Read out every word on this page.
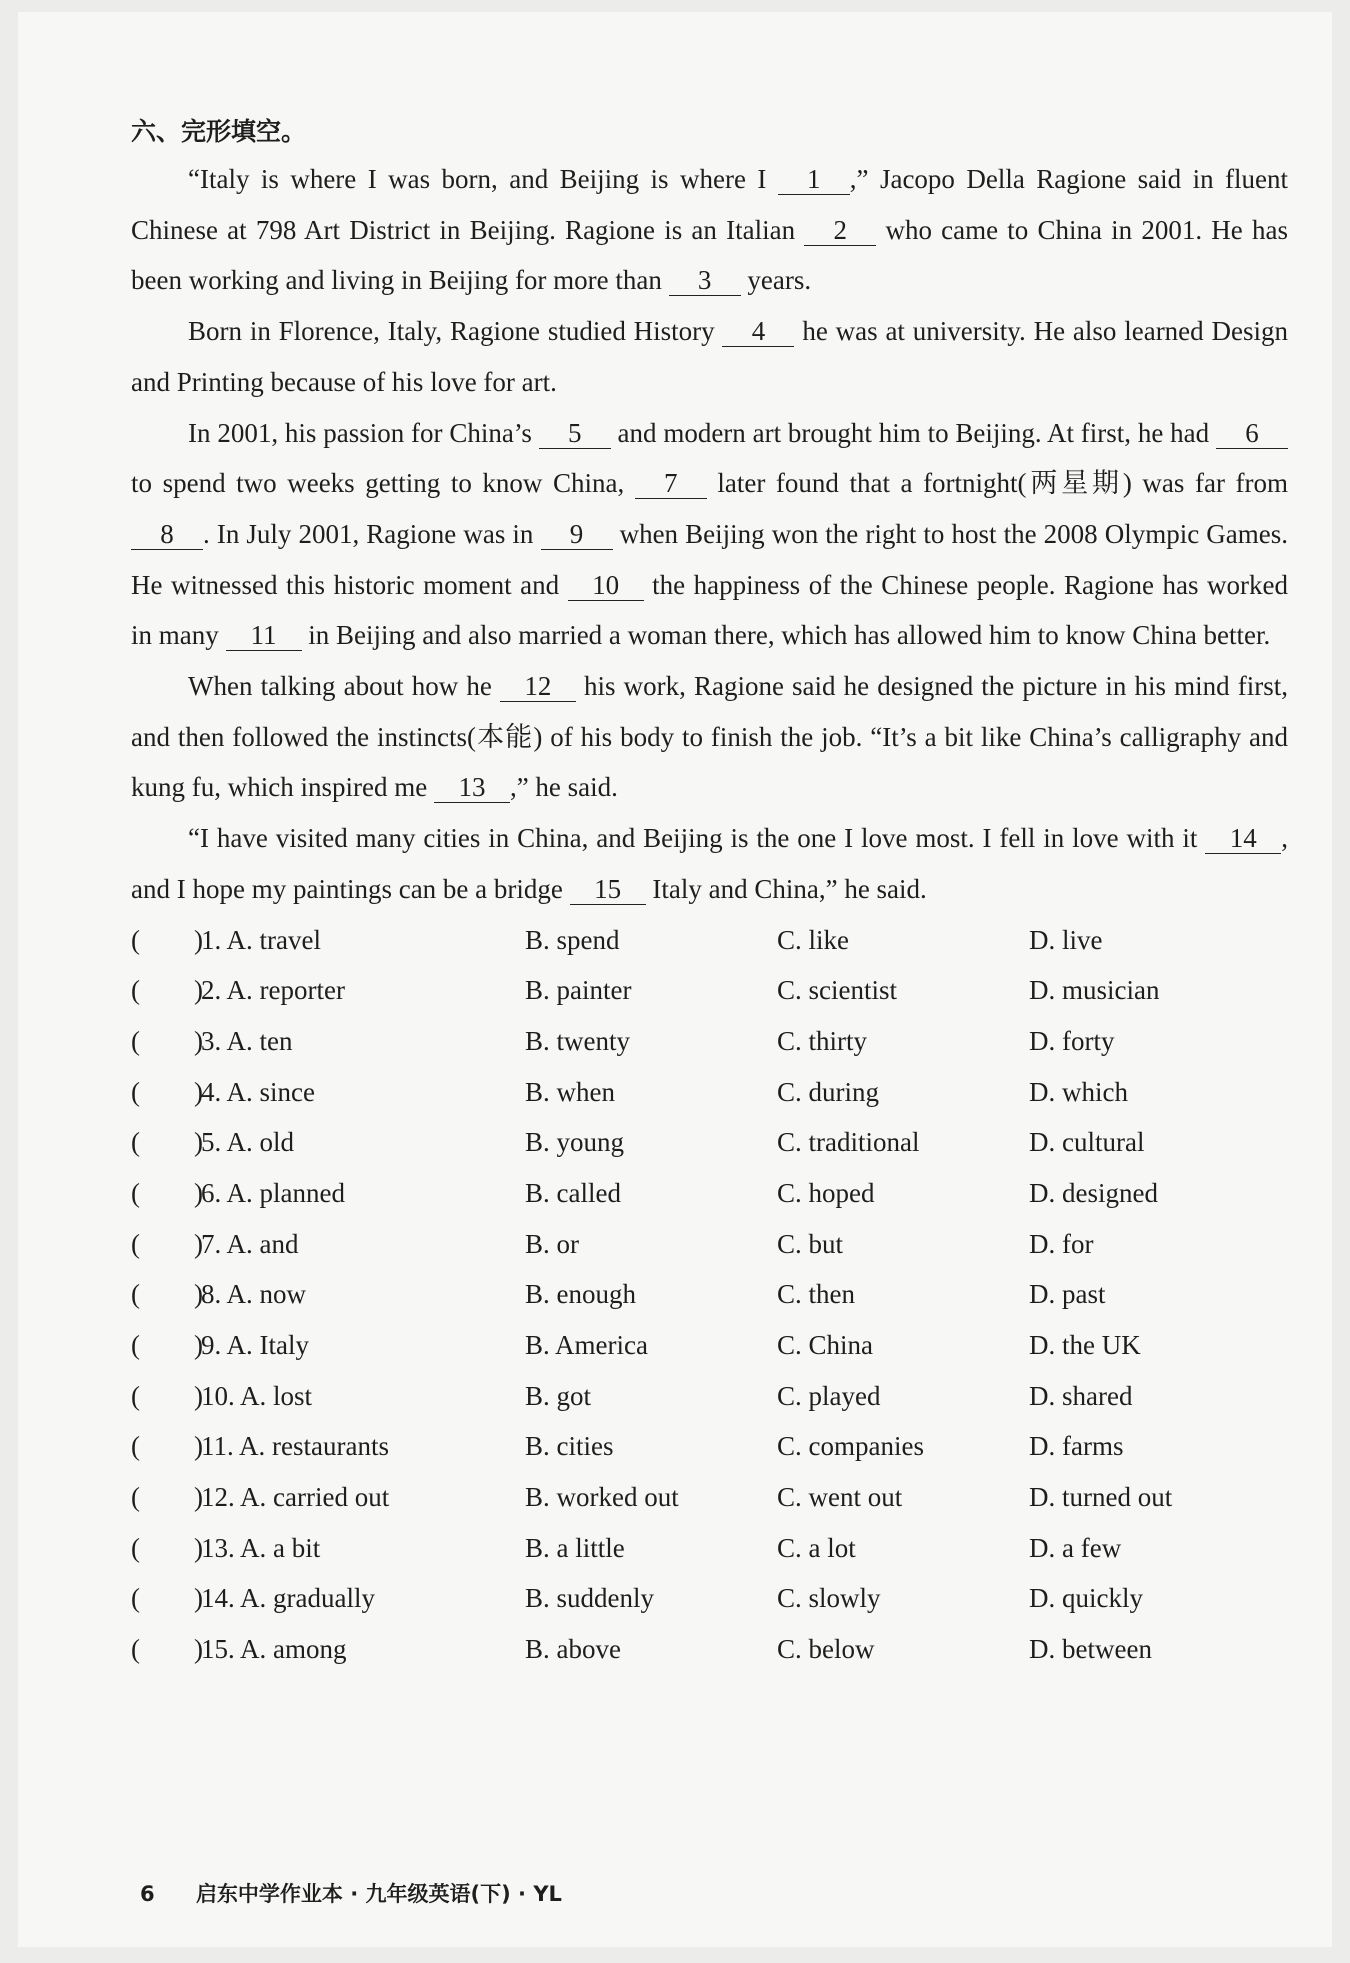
六、完形填空。

“Italy is where I was born, and Beijing is where I 1 ,” Jacopo Della Ragione said in fluent Chinese at 798 Art District in Beijing. Ragione is an Italian 2 who came to China in 2001. He has been working and living in Beijing for more than 3 years.

Born in Florence, Italy, Ragione studied History 4 he was at university. He also learned Design and Printing because of his love for art.

In 2001, his passion for China’s 5 and modern art brought him to Beijing. At first, he had 6 to spend two weeks getting to know China, 7 later found that a fortnight(两星期) was far from 8 . In July 2001, Ragione was in 9 when Beijing won the right to host the 2008 Olympic Games. He witnessed this historic moment and 10 the happiness of the Chinese people. Ragione has worked in many 11 in Beijing and also married a woman there, which has allowed him to know China better.

When talking about how he 12 his work, Ragione said he designed the picture in his mind first, and then followed the instincts(本能) of his body to finish the job. “It’s a bit like China’s calligraphy and kung fu, which inspired me 13 ,” he said.

“I have visited many cities in China, and Beijing is the one I love most. I fell in love with it 14 , and I hope my paintings can be a bridge 15 Italy and China,” he said.

( )
1. A. travel	B. spend	C. like	D. live
( )
2. A. reporter	B. painter	C. scientist	D. musician
( )
3. A. ten	B. twenty	C. thirty	D. forty
( )
4. A. since	B. when	C. during	D. which
( )
5. A. old	B. young	C. traditional	D. cultural
( )
6. A. planned	B. called	C. hoped	D. designed
( )
7. A. and	B. or	C. but	D. for
( )
8. A. now	B. enough	C. then	D. past
( )
9. A. Italy	B. America	C. China	D. the UK
( )
10. A. lost	B. got	C. played	D. shared
( )
11. A. restaurants	B. cities	C. companies	D. farms
( )
12. A. carried out	B. worked out	C. went out	D. turned out
( )
13. A. a bit	B. a little	C. a lot	D. a few
( )
14. A. gradually	B. suddenly	C. slowly	D. quickly
( )
15. A. among	B. above	C. below	D. between
6 启东中学作业本 · 九年级英语(下) · YL
